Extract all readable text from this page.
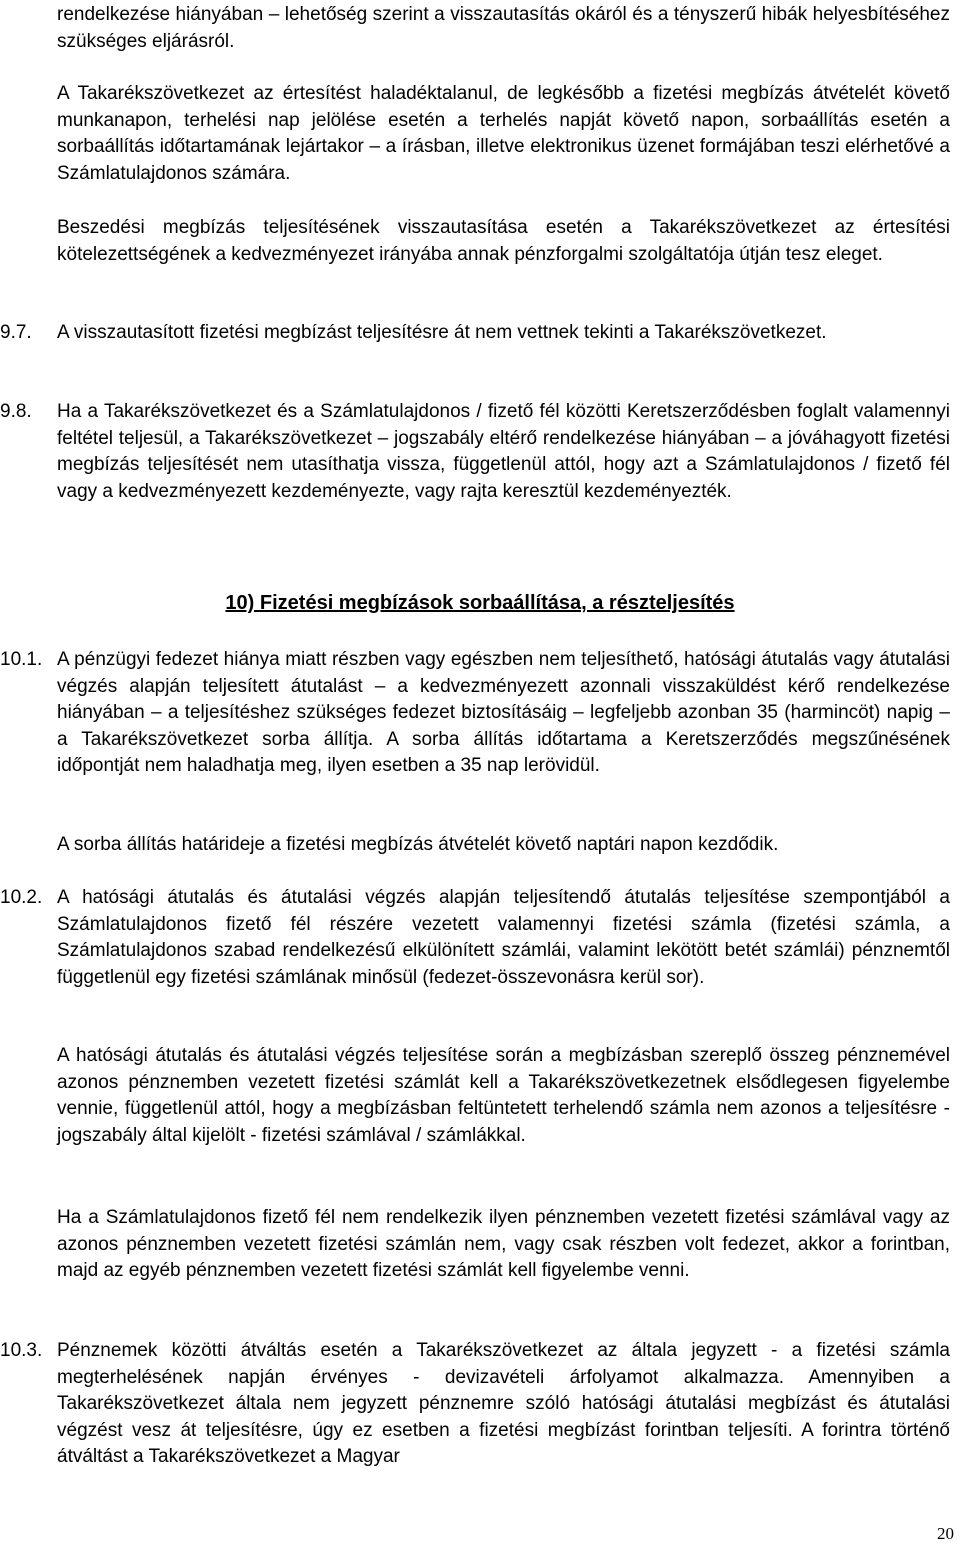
rendelkezése hiányában – lehetőség szerint a visszautasítás okáról és a tényszerű hibák helyesbítéséhez szükséges eljárásról.

A Takarékszövetkezet az értesítést haladéktalanul, de legkésőbb a fizetési megbízás átvételét követő munkanapon, terhelési nap jelölése esetén a terhelés napját követő napon, sorbaállítás esetén a sorbaállítás időtartamának lejártakor – a írásban, illetve elektronikus üzenet formájában teszi elérhetővé a Számlatulajdonos számára.

Beszedési megbízás teljesítésének visszautasítása esetén a Takarékszövetkezet az értesítési kötelezettségének a kedvezményezet irányába annak pénzforgalmi szolgáltatója útján tesz eleget.

9.7. A visszautasított fizetési megbízást teljesítésre át nem vettnek tekinti a Takarékszövetkezet.

9.8. Ha a Takarékszövetkezet és a Számlatulajdonos / fizető fél közötti Keretszerződésben foglalt valamennyi feltétel teljesül, a Takarékszövetkezet – jogszabály eltérő rendelkezése hiányában – a jóváhagyott fizetési megbízás teljesítését nem utasíthatja vissza, függetlenül attól, hogy azt a Számlatulajdonos / fizető fél vagy a kedvezményezett kezdeményezte, vagy rajta keresztül kezdeményezték.

10) Fizetési megbízások sorbaállítása, a részteljesítés

10.1. A pénzügyi fedezet hiánya miatt részben vagy egészben nem teljesíthető, hatósági átutalás vagy átutalási végzés alapján teljesített átutalást – a kedvezményezett azonnali visszaküldést kérő rendelkezése hiányában – a teljesítéshez szükséges fedezet biztosításáig – legfeljebb azonban 35 (harmincöt) napig – a Takarékszövetkezet sorba állítja. A sorba állítás időtartama a Keretszerződés megszűnésének időpontját nem haladhatja meg, ilyen esetben a 35 nap lerövidül.

A sorba állítás határideje a fizetési megbízás átvételét követő naptári napon kezdődik.

10.2. A hatósági átutalás és átutalási végzés alapján teljesítendő átutalás teljesítése szempontjából a Számlatulajdonos fizető fél részére vezetett valamennyi fizetési számla (fizetési számla, a Számlatulajdonos szabad rendelkezésű elkülönített számlái, valamint lekötött betét számlái) pénznemtől függetlenül egy fizetési számlának minősül (fedezet-összevonásra kerül sor).

A hatósági átutalás és átutalási végzés teljesítése során a megbízásban szereplő összeg pénznemével azonos pénznemben vezetett fizetési számlát kell a Takarékszövetkezetnek elsődlegesen figyelembe vennie, függetlenül attól, hogy a megbízásban feltüntetett terhelendő számla nem azonos a teljesítésre - jogszabály által kijelölt - fizetési számlával / számlákkal.

Ha a Számlatulajdonos fizető fél nem rendelkezik ilyen pénznemben vezetett fizetési számlával vagy az azonos pénznemben vezetett fizetési számlán nem, vagy csak részben volt fedezet, akkor a forintban, majd az egyéb pénznemben vezetett fizetési számlát kell figyelembe venni.

10.3. Pénznemek közötti átváltás esetén a Takarékszövetkezet az általa jegyzett - a fizetési számla megterhelésének napján érvényes - devizavételi árfolyamot alkalmazza. Amennyiben a Takarékszövetkezet általa nem jegyzett pénznemre szóló hatósági átutalási megbízást és átutalási végzést vesz át teljesítésre, úgy ez esetben a fizetési megbízást forintban teljesíti. A forintra történő átváltást a Takarékszövetkezet a Magyar

20
